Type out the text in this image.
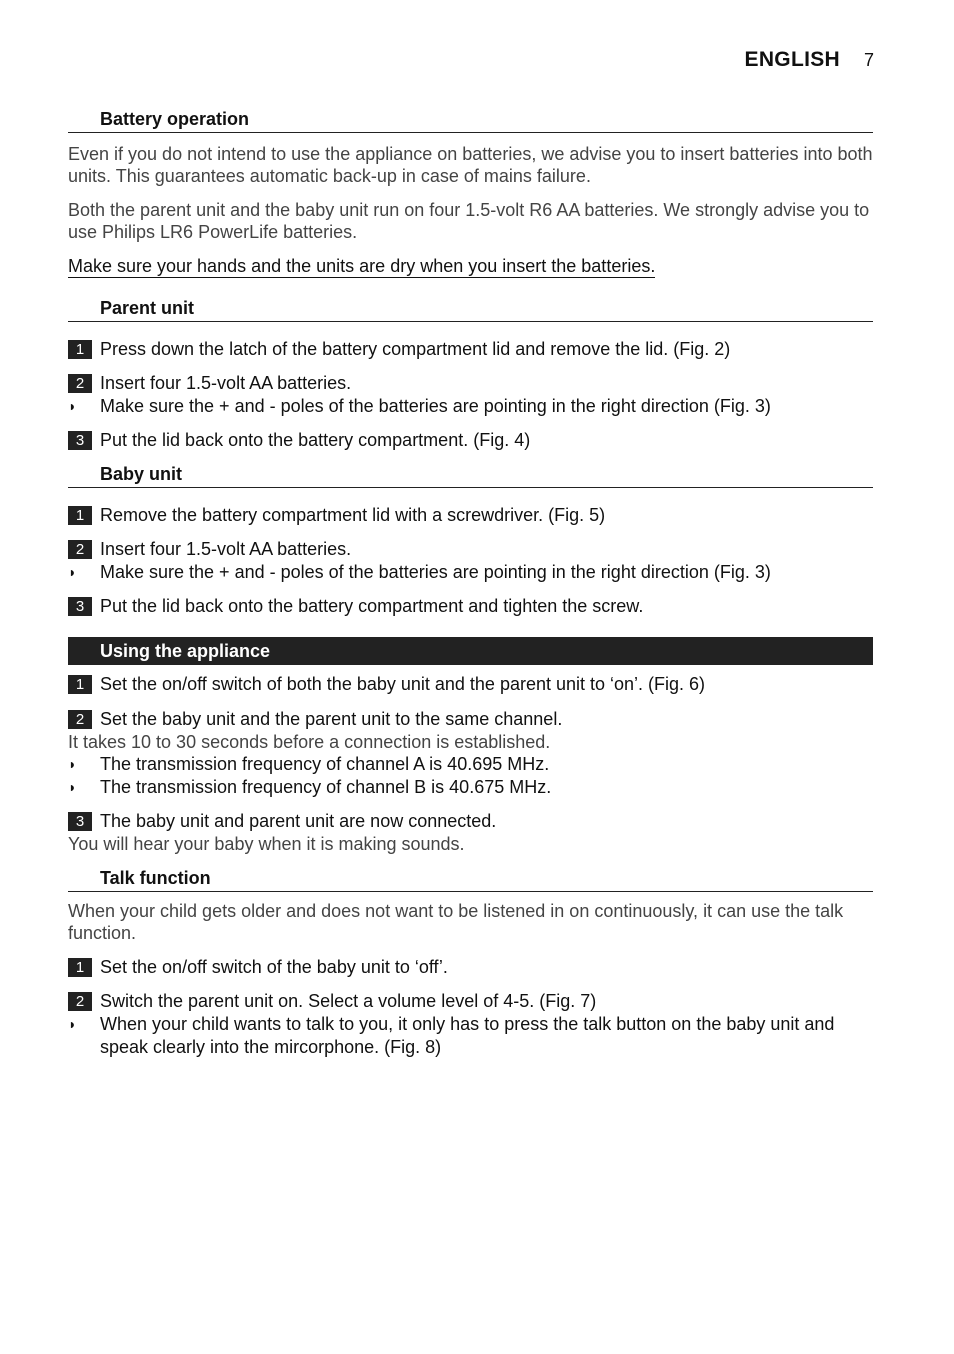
ENGLISH 7
Battery operation
Even if you do not intend to use the appliance on batteries, we advise you to insert batteries into both units. This guarantees automatic back-up in case of mains failure.
Both the parent unit and the baby unit run on four 1.5-volt R6 AA batteries. We strongly advise you to use Philips LR6 PowerLife batteries.
Make sure your hands and the units are dry when you insert the batteries.
Parent unit
1 Press down the latch of the battery compartment lid and remove the lid. (Fig. 2)
2 Insert four 1.5-volt AA batteries.
◗	Make sure the + and - poles of the batteries are pointing in the right direction (Fig. 3)
3 Put the lid back onto the battery compartment. (Fig. 4)
Baby unit
1 Remove the battery compartment lid with a screwdriver. (Fig. 5)
2 Insert four 1.5-volt AA batteries.
◗	Make sure the + and - poles of the batteries are pointing in the right direction (Fig. 3)
3 Put the lid back onto the battery compartment and tighten the screw.
Using the appliance
1 Set the on/off switch of both the baby unit and the parent unit to ‘on’. (Fig. 6)
2 Set the baby unit and the parent unit to the same channel.
It takes 10 to 30 seconds before a connection is established.
◗	The transmission frequency of channel A is 40.695 MHz.
◗	The transmission frequency of channel B is 40.675 MHz.
3 The baby unit and parent unit are now connected.
You will hear your baby when it is making sounds.
Talk function
When your child gets older and does not want to be listened in on continuously, it can use the talk function.
1 Set the on/off switch of the baby unit to ‘off’.
2 Switch the parent unit on. Select a volume level of 4-5. (Fig. 7)
◗	When your child wants to talk to you, it only has to press the talk button on the baby unit and speak clearly into the mircorphone. (Fig. 8)
